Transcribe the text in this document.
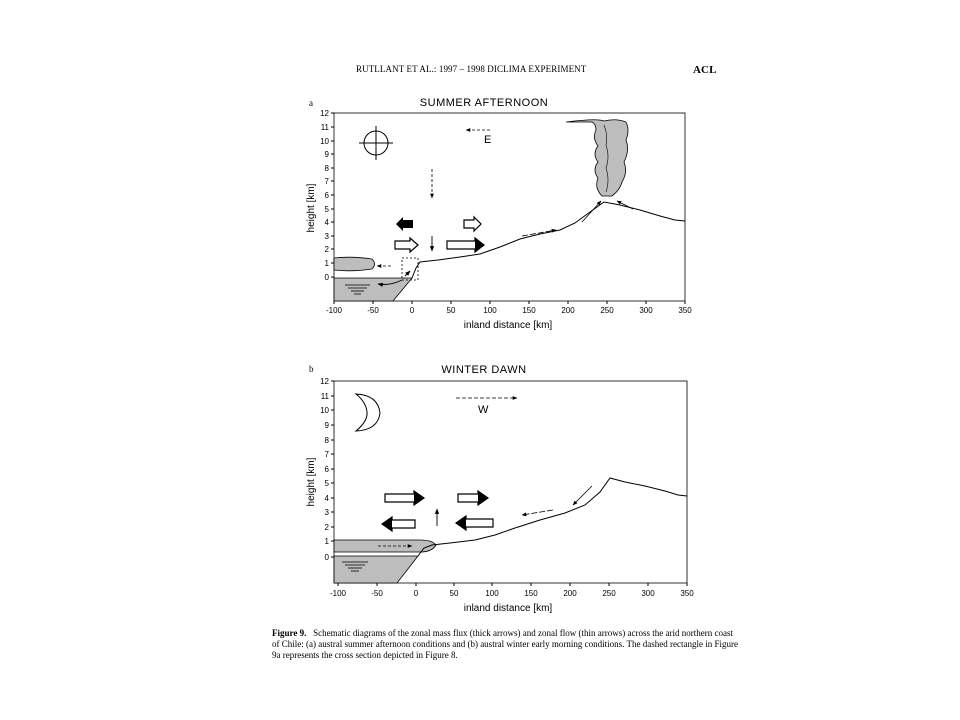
RUTLLANT ET AL.: 1997 – 1998 DICLIMA EXPERIMENT	ACL
a
b
SUMMER AFTERNOON
0
1
2
3
4
5
6
7
8
9
10
11
12
height [km]
-100	-50	0	50	100	150	200	250	300	350
inland distance [km]
E
WINTER DAWN
0
1
2
3
4
5
6
7
8
9
10
11
12
height [km]
-100	-50	0	50	100	150	200	250	300	350
inland distance [km]
W
Figure 9. Schematic diagrams of the zonal mass flux (thick arrows) and zonal flow (thin arrows) across the arid northern coast of Chile: (a) austral summer afternoon conditions and (b) austral winter early morning conditions. The dashed rectangle in Figure 9a represents the cross section depicted in Figure 8.
